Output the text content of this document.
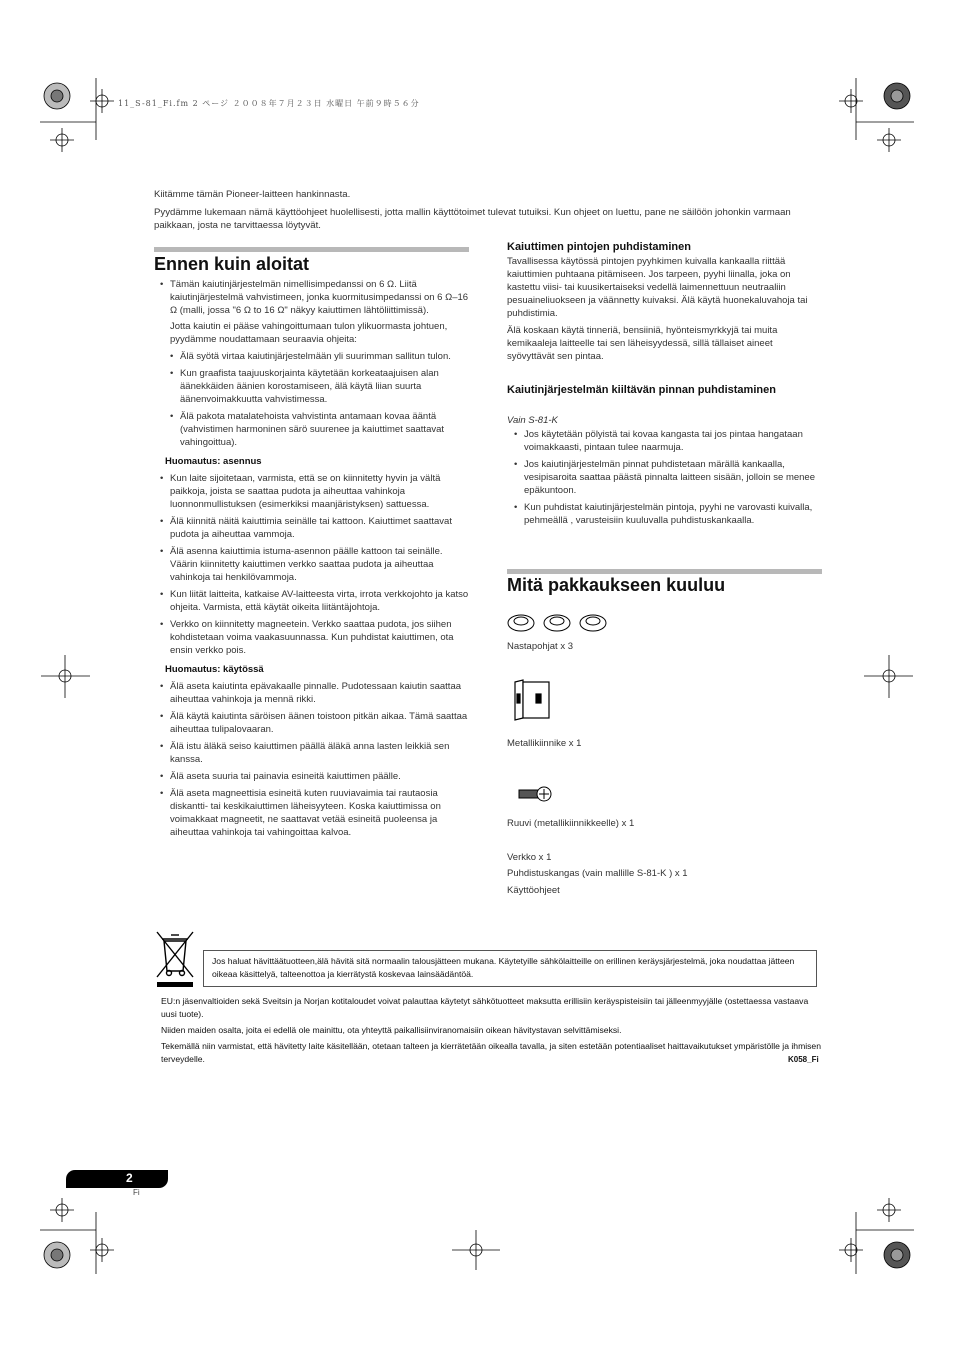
11_S-81_Fi.fm 2 ページ ２００８年７月２３日 水曜日 午前９時５６分
Kiitämme tämän Pioneer-laitteen hankinnasta.
Pyydämme lukemaan nämä käyttöohjeet huolellisesti, jotta mallin käyttötoimet tulevat tutuiksi. Kun ohjeet on luettu, pane ne säilöön johonkin varmaan paikkaan, josta ne tarvittaessa löytyvät.
Ennen kuin aloitat
• Tämän kaiutinjärjestelmän nimellisimpedanssi on 6 Ω. Liitä kaiutinjärjestelmä vahvistimeen, jonka kuormitusimpedanssi on 6 Ω–16 Ω (malli, jossa "6 Ω to 16 Ω" näkyy kaiuttimen lähtöliittimissä).
Jotta kaiutin ei pääse vahingoittumaan tulon ylikuormasta johtuen, pyydämme noudattamaan seuraavia ohjeita:
• Älä syötä virtaa kaiutinjärjestelmään yli suurimman sallitun tulon.
• Kun graafista taajuuskorjainta käytetään korkeataajuisen alan äänekkäiden äänien korostamiseen, älä käytä liian suurta äänenvoimakkuutta vahvistimessa.
• Älä pakota matalatehoista vahvistinta antamaan kovaa ääntä (vahvistimen harmoninen särö suurenee ja kaiuttimet saattavat vahingoittua).
Huomautus: asennus
• Kun laite sijoitetaan, varmista, että se on kiinnitetty hyvin ja vältä paikkoja, joista se saattaa pudota ja aiheuttaa vahinkoja luonnonmullistuksen (esimerkiksi maanjäristyksen) sattuessa.
• Älä kiinnitä näitä kaiuttimia seinälle tai kattoon. Kaiuttimet saattavat pudota ja aiheuttaa vammoja.
• Älä asenna kaiuttimia istuma-asennon päälle kattoon tai seinälle. Väärin kiinnitetty kaiuttimen verkko saattaa pudota ja aiheuttaa vahinkoja tai henkilövammoja.
• Kun liität laitteita, katkaise AV-laitteesta virta, irrota verkkojohto ja katso ohjeita. Varmista, että käytät oikeita liitäntäjohtoja.
• Verkko on kiinnitetty magneetein. Verkko saattaa pudota, jos siihen kohdistetaan voima vaakasuunnassa. Kun puhdistat kaiuttimen, ota ensin verkko pois.
Huomautus: käytössä
• Älä aseta kaiutinta epävakaalle pinnalle. Pudotessaan kaiutin saattaa aiheuttaa vahinkoja ja mennä rikki.
• Älä käytä kaiutinta säröisen äänen toistoon pitkän aikaa. Tämä saattaa aiheuttaa tulipalovaaran.
• Älä istu äläkä seiso kaiuttimen päällä äläkä anna lasten leikkiä sen kanssa.
• Älä aseta suuria tai painavia esineitä kaiuttimen päälle.
• Älä aseta magneettisia esineitä kuten ruuviavaimia tai rautaosia diskantti- tai keskikaiuttimen läheisyyteen. Koska kaiuttimissa on voimakkaat magneetit, ne saattavat vetää esineitä puoleensa ja aiheuttaa vahinkoja tai vahingoittaa kalvoa.
Kaiuttimen pintojen puhdistaminen
Tavallisessa käytössä pintojen pyyhkimen kuivalla kankaalla riittää kaiuttimien puhtaana pitämiseen. Jos tarpeen, pyyhi liinalla, joka on kastettu viisi- tai kuusikertaiseksi vedellä laimennettuun neutraaliin pesuaineliuokseen ja väännetty kuivaksi. Älä käytä huonekaluvahoja tai puhdistimia.
Älä koskaan käytä tinneriä, bensiiniä, hyönteismyrkkyjä tai muita kemikaaleja laitteelle tai sen läheisyydessä, sillä tällaiset aineet syövyttävät sen pintaa.
Kaiutinjärjestelmän kiiltävän pinnan puhdistaminen
Vain S-81-K
• Jos käytetään pölyistä tai kovaa kangasta tai jos pintaa hangataan voimakkaasti, pintaan tulee naarmuja.
• Jos kaiutinjärjestelmän pinnat puhdistetaan märällä kankaalla, vesipisaroita saattaa päästä pinnalta laitteen sisään, jolloin se menee epäkuntoon.
• Kun puhdistat kaiutinjärjestelmän pintoja, pyyhi ne varovasti kuivalla, pehmeällä , varusteisiin kuuluvalla puhdistuskankaalla.
Mitä pakkaukseen kuuluu
Nastapohjat x 3
Metallikiinnike x 1
Ruuvi (metallikiinnikkeelle) x 1
Verkko x 1
Puhdistuskangas (vain mallille S-81-K ) x 1
Käyttöohjeet
Jos haluat hävittäätuotteen,älä hävitä sitä normaalin talousjätteen mukana. Käytetyille sähkölaitteille on erillinen keräysjärjestelmä, joka noudattaa jätteen oikeaa käsittelyä, talteenottoa ja kierrätystä koskevaa lainsäädäntöä.
EU:n jäsenvaltioiden sekä Sveitsin ja Norjan kotitaloudet voivat palauttaa käytetyt sähkötuotteet maksutta erillisiin keräyspisteisiin tai jälleenmyyjälle (ostettaessa vastaava uusi tuote).
Niiden maiden osalta, joita ei edellä ole mainittu, ota yhteyttä paikallisiinviranomaisiin oikean hävitystavan selvittämiseksi.
Tekemällä niin varmistat, että hävitetty laite käsitellään, otetaan talteen ja kierrätetään oikealla tavalla, ja siten estetään potentiaaliset haittavaikutukset ympäristölle ja ihmisen terveydelle.	K058_Fi
2
Fi
